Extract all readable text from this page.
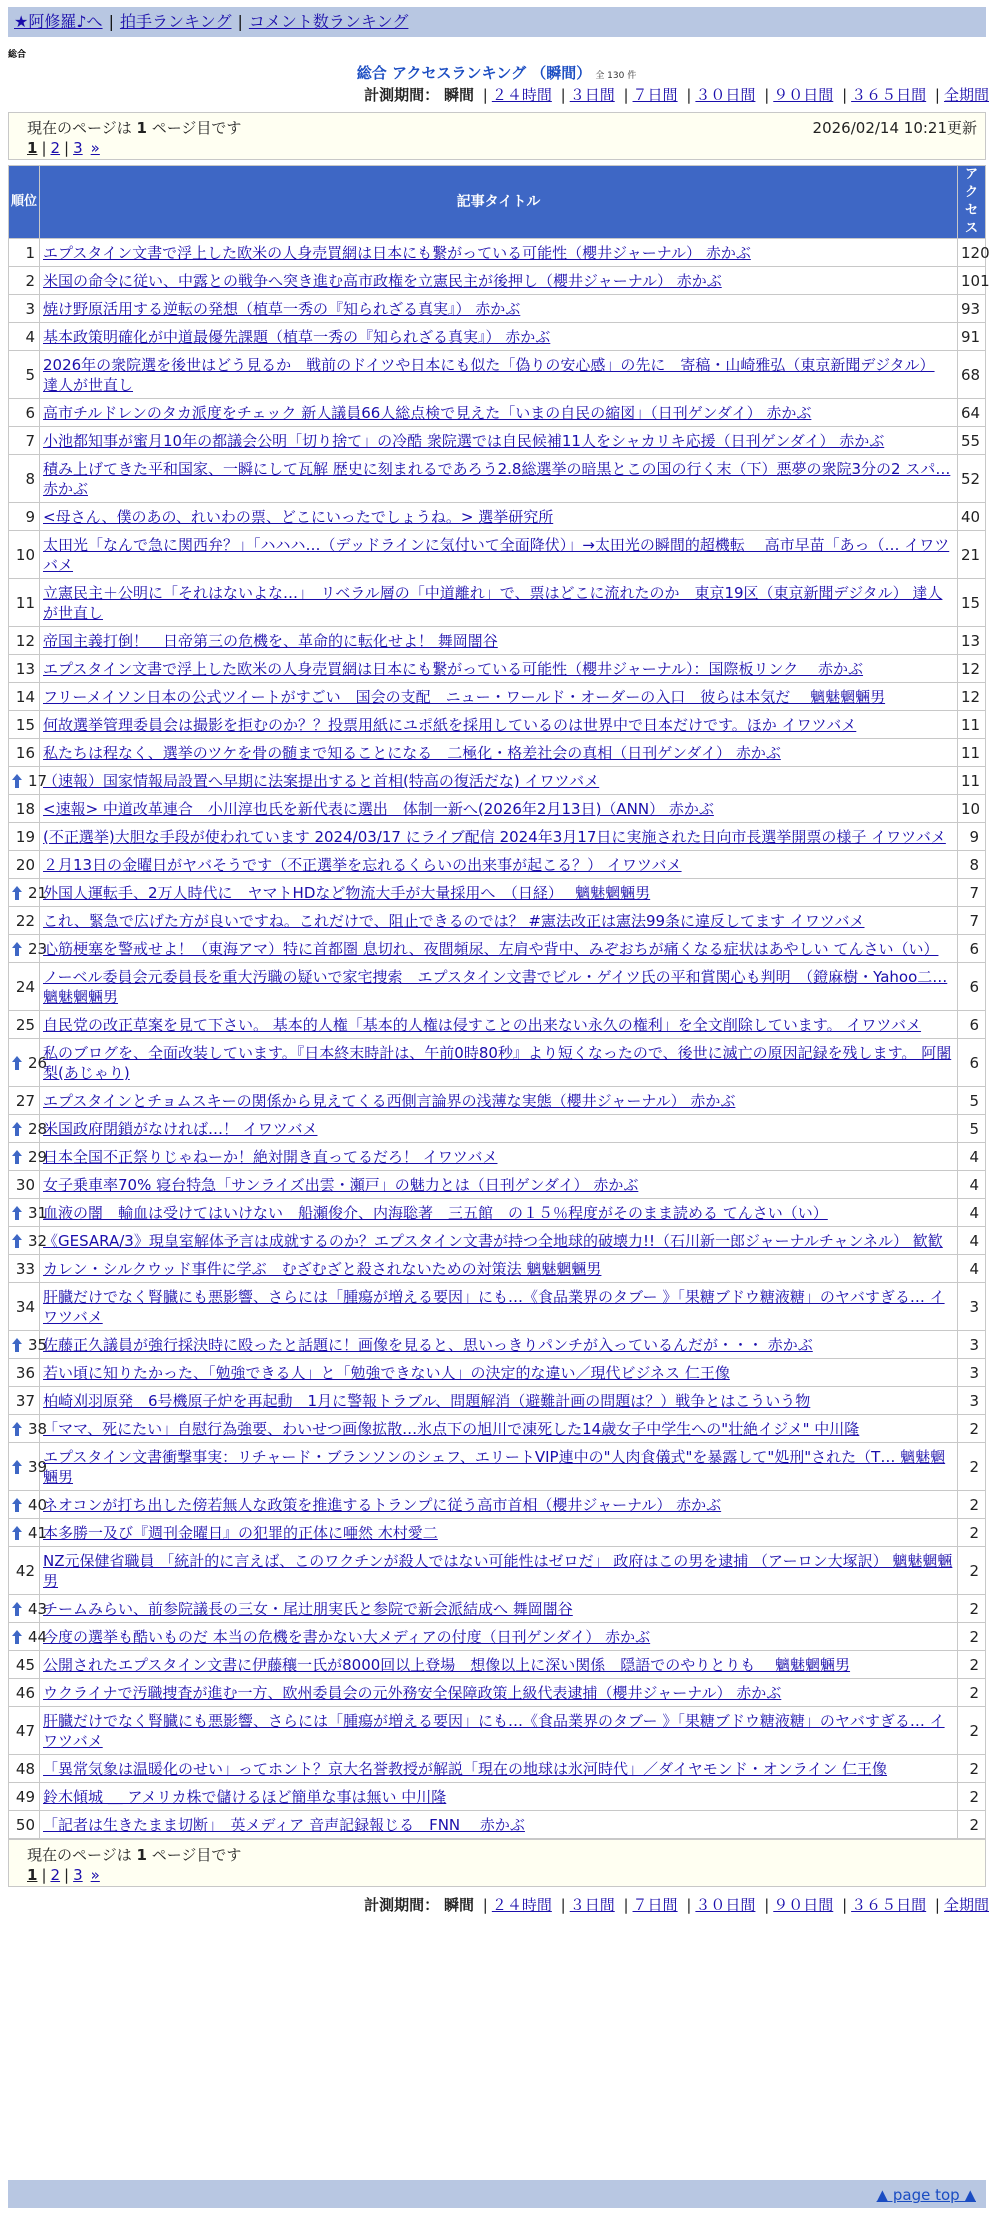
★阿修羅♪へ | 拍手ランキング | コメント数ランキング
総合
総合 アクセスランキング （瞬間） 全 130 件
計測期間： 瞬間 | ２４時間 | ３日間 | ７日間 | ３０日間 | ９０日間 | ３６５日間 | 全期間
現在のページは 1 ページ目です	2026/02/14 10:21更新
1 | 2 | 3 »
順位	記事タイトル	アクセス
1	エプスタイン文書で浮上した欧米の人身売買網は日本にも繋がっている可能性（櫻井ジャーナル） 赤かぶ	120
2	米国の命令に従い、中露との戦争へ突き進む高市政権を立憲民主が後押し（櫻井ジャーナル） 赤かぶ	101
3	焼け野原活用する逆転の発想（植草一秀の『知られざる真実』） 赤かぶ	93
4	基本政策明確化が中道最優先課題（植草一秀の『知られざる真実』） 赤かぶ	91
5	2026年の衆院選を後世はどう見るか　戦前のドイツや日本にも似た「偽りの安心感」の先に　寄稿・山崎雅弘（東京新聞デジタル） 達人が世直し	68
6	高市チルドレンのタカ派度をチェック 新人議員66人総点検で見えた「いまの自民の縮図」（日刊ゲンダイ） 赤かぶ	64
7	小池都知事が蜜月10年の都議会公明「切り捨て」の冷酷 衆院選では自民候補11人をシャカリキ応援（日刊ゲンダイ） 赤かぶ	55
8	積み上げてきた平和国家、一瞬にして瓦解 歴史に刻まれるであろう2.8総選挙の暗黒とこの国の行く末（下）悪夢の衆院3分の2 スパ… 赤かぶ	52
9	<母さん、僕のあの、れいわの票、どこにいったでしょうね。> 選挙研究所	40
10	太田光「なんで急に関西弁？」「ハハハ…（デッドラインに気付いて全面降伏）」→太田光の瞬間的超機転　 高市早苗「あっ（… イワツバメ	21
11	立憲民主＋公明に「それはないよな…」　リベラル層の「中道離れ」で、票はどこに流れたのか　東京19区（東京新聞デジタル） 達人が世直し	15
12	帝国主義打倒！　日帝第三の危機を、革命的に転化せよ！ 舞岡闇谷	13
13	エプスタイン文書で浮上した欧米の人身売買網は日本にも繋がっている可能性（櫻井ジャーナル）：国際板リンク　 赤かぶ	12
14	フリーメイソン日本の公式ツイートがすごい　国会の支配　ニュー・ワールド・オーダーの入口　彼らは本気だ　 魑魅魍魎男	12
15	何故選挙管理委員会は撮影を拒むのか？？投票用紙にユポ紙を採用しているのは世界中で日本だけです。ほか イワツバメ	11
16	私たちは程なく、選挙のツケを骨の髄まで知ることになる　二極化・格差社会の真相（日刊ゲンダイ） 赤かぶ	11

17	（速報）国家情報局設置へ早期に法案提出すると首相(特高の復活だな) イワツバメ	11
18	<速報> 中道改革連合　小川淳也氏を新代表に選出　体制一新へ(2026年2月13日)（ANN） 赤かぶ	10
19	(不正選挙)大胆な手段が使われています 2024/03/17 にライブ配信 2024年3月17日に実施された日向市長選挙開票の様子 イワツバメ	9
20	２月13日の金曜日がヤバそうです（不正選挙を忘れるくらいの出来事が起こる？） イワツバメ	8

21	外国人運転手、2万人時代に　ヤマトHDなど物流大手が大量採用へ　（日経）　 魑魅魍魎男	7
22	これ、緊急で広げた方が良いですね。これだけで、阻止できるのでは？ #憲法改正は憲法99条に違反してます イワツバメ	7

23	心筋梗塞を警戒せよ！（東海アマ）特に首都圏 息切れ、夜間頻尿、左肩や背中、みぞおちが痛くなる症状はあやしい てんさい（い）	6
24	ノーベル委員会元委員長を重大汚職の疑いで家宅捜索　エプスタイン文書でビル・ゲイツ氏の平和賞関心も判明　（鐙麻樹・Yahoo二… 魑魅魍魎男	6
25	自民党の改正草案を見て下さい。 基本的人権「基本的人権は侵すことの出来ない永久の権利」を全文削除しています。 イワツバメ	6

26	私のブログを、全面改装しています。『日本終末時計は、午前0時80秒』より短くなったので、後世に滅亡の原因記録を残します。 阿闍梨(あじゃり)	6
27	エプスタインとチョムスキーの関係から見えてくる西側言論界の浅薄な実態（櫻井ジャーナル） 赤かぶ	5

28	米国政府閉鎖がなければ…！ イワツバメ	5

29	日本全国不正祭りじゃねーか！絶対開き直ってるだろ！ イワツバメ	4
30	女子乗車率70% 寝台特急「サンライズ出雲・瀬戸」の魅力とは（日刊ゲンダイ） 赤かぶ	4

31	血液の闇　輸血は受けてはいけない　船瀬俊介、内海聡著　三五館　の１５％程度がそのまま読める てんさい（い）	4

32	《GESARA/3》現皇室解体予言は成就するのか？エプスタイン文書が持つ全地球的破壊力!!（石川新一郎ジャーナルチャンネル） 歓歓	4
33	カレン・シルクウッド事件に学ぶ　むざむざと殺されないための対策法 魑魅魍魎男	4
34	肝臓だけでなく腎臓にも悪影響、さらには「腫瘍が増える要因」にも…《食品業界のタブー 》「果糖ブドウ糖液糖」のヤバすぎる… イワツバメ	3

35	佐藤正久議員が強行採決時に殴ったと話題に！画像を見ると、思いっきりパンチが入っているんだが・・・ 赤かぶ	3
36	若い頃に知りたかった、「勉強できる人」と「勉強できない人」の決定的な違い／現代ビジネス 仁王像	3
37	柏崎刈羽原発　6号機原子炉を再起動　1月に警報トラブル、問題解消（避難計画の問題は？）戦争とはこういう物	3

38	「ママ、死にたい」自慰行為強要、わいせつ画像拡散…氷点下の旭川で凍死した14歳女子中学生への"壮絶イジメ" 中川隆	2

39	エプスタイン文書衝撃事実：リチャード・ブランソンのシェフ、エリートVIP連中の"人肉食儀式"を暴露して"処刑"された（T… 魑魅魍魎男	2

40	ネオコンが打ち出した傍若無人な政策を推進するトランプに従う高市首相（櫻井ジャーナル） 赤かぶ	2

41	本多勝一及び『週刊金曜日』の犯罪的正体に唖然 木村愛二	2
42	NZ元保健省職員 「統計的に言えば、このワクチンが殺人ではない可能性はゼロだ」 政府はこの男を逮捕 （アーロン大塚訳） 魑魅魍魎男	2

43	チームみらい、前参院議長の三女・尾辻朋実氏と参院で新会派結成へ 舞岡闇谷	2

44	今度の選挙も酷いものだ 本当の危機を書かない大メディアの付度（日刊ゲンダイ） 赤かぶ	2
45	公開されたエプスタイン文書に伊藤穰一氏が8000回以上登場　想像以上に深い関係　隠語でのやりとりも　 魑魅魍魎男	2
46	ウクライナで汚職捜査が進む一方、欧州委員会の元外務安全保障政策上級代表逮捕（櫻井ジャーナル） 赤かぶ	2
47	肝臓だけでなく腎臓にも悪影響、さらには「腫瘍が増える要因」にも…《食品業界のタブー 》「果糖ブドウ糖液糖」のヤバすぎる… イワツバメ	2
48	「異常気象は温暖化のせい」ってホント？京大名誉教授が解説「現在の地球は氷河時代」／ダイヤモンド・オンライン 仁王像	2
49	鈴木傾城 ＿ アメリカ株で儲けるほど簡単な事は無い 中川隆	2
50	「記者は生きたまま切断」　英メディア 音声記録報じる　FNN　 赤かぶ	2
計測期間： 瞬間 | ２４時間 | ３日間 | ７日間 | ３０日間 | ９０日間 | ３６５日間 | 全期間
現在のページは 1 ページ目です
1 | 2 | 3 »
▲ page top ▲
